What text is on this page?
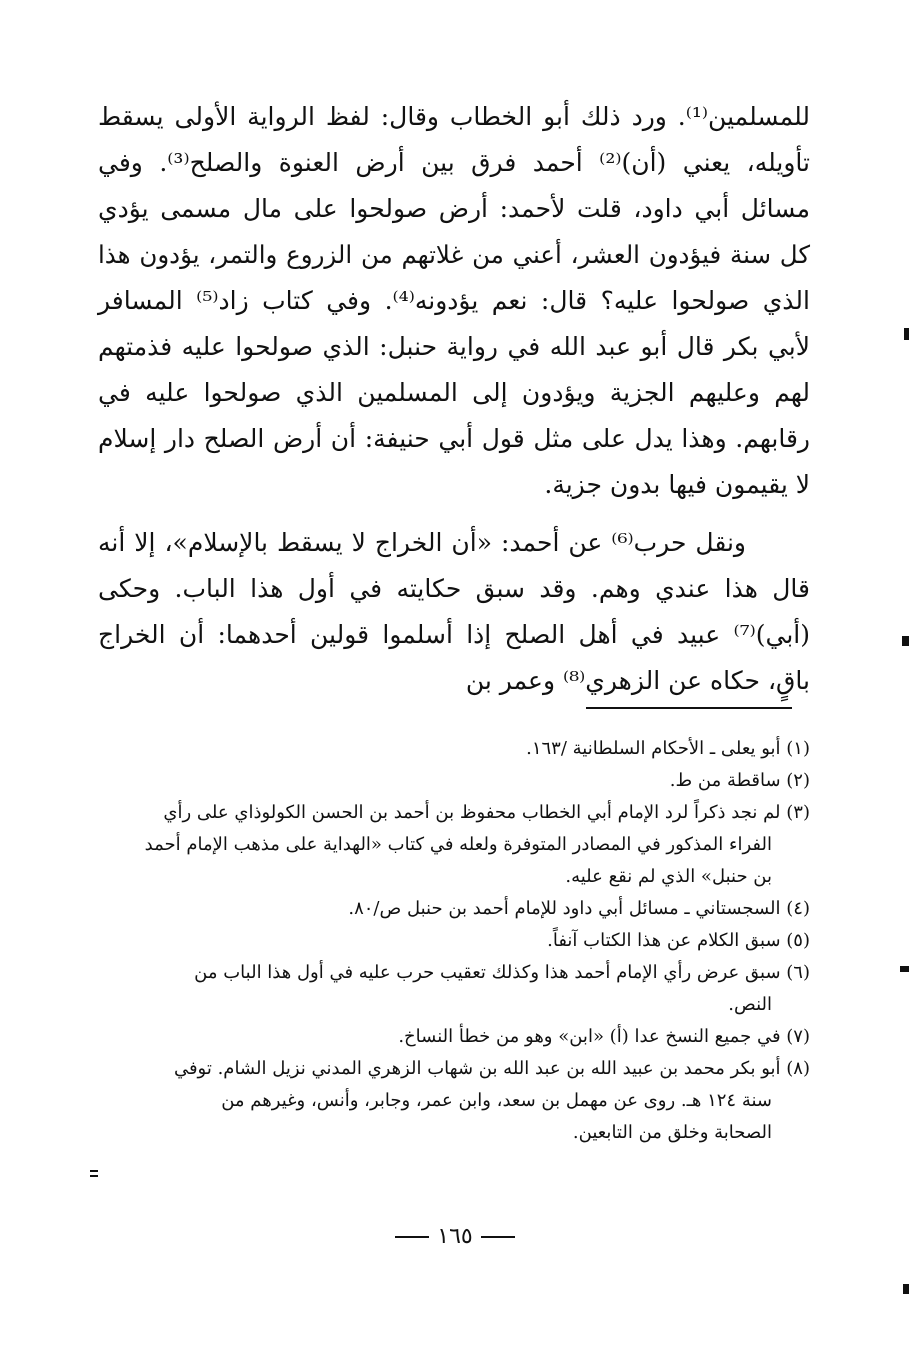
للمسلمين⁽¹⁾. ورد ذلك أبو الخطاب وقال: لفظ الرواية الأولى يسقط
تأويله، يعني (أن)⁽²⁾ أحمد فرق بين أرض العنوة والصلح⁽³⁾. وفي
مسائل أبي داود، قلت لأحمد: أرض صولحوا على مال مسمى يؤدي
كل سنة فيؤدون العشر، أعني من غلاتهم من الزروع والتمر، يؤدون هذا
الذي صولحوا عليه؟ قال: نعم يؤدونه⁽⁴⁾. وفي كتاب زاد⁽⁵⁾ المسافر
لأبي بكر قال أبو عبد الله في رواية حنبل: الذي صولحوا عليه فذمتهم
لهم وعليهم الجزية ويؤدون إلى المسلمين الذي صولحوا عليه في
رقابهم. وهذا يدل على مثل قول أبي حنيفة: أن أرض الصلح دار إسلام
لا يقيمون فيها بدون جزية.
ونقل حرب⁽⁶⁾ عن أحمد: «أن الخراج لا يسقط بالإسلام»، إلا أنه
قال هذا عندي وهم. وقد سبق حكايته في أول هذا الباب. وحكى
(أبي)⁽⁷⁾ عبيد في أهل الصلح إذا أسلموا قولين أحدهما: أن الخراج
باقٍ، حكاه عن الزهري⁽⁸⁾ وعمر بن
(١) أبو يعلى ـ الأحكام السلطانية /١٦٣.
(٢) ساقطة من ط.
(٣) لم نجد ذكراً لرد الإمام أبي الخطاب محفوظ بن أحمد بن الحسن الكولوذاي على رأي
الفراء المذكور في المصادر المتوفرة ولعله في كتاب «الهداية على مذهب الإمام أحمد
بن حنبل» الذي لم نقع عليه.
(٤) السجستاني ـ مسائل أبي داود للإمام أحمد بن حنبل ص/٨٠.
(٥) سبق الكلام عن هذا الكتاب آنفاً.
(٦) سبق عرض رأي الإمام أحمد هذا وكذلك تعقيب حرب عليه في أول هذا الباب من
النص.
(٧) في جميع النسخ عدا (أ) «ابن» وهو من خطأ النساخ.
(٨) أبو بكر محمد بن عبيد الله بن عبد الله بن شهاب الزهري المدني نزيل الشام. توفي
سنة ١٢٤ هـ. روى عن مهمل بن سعد، وابن عمر، وجابر، وأنس، وغيرهم من
الصحابة وخلق من التابعين.
١٦٥
